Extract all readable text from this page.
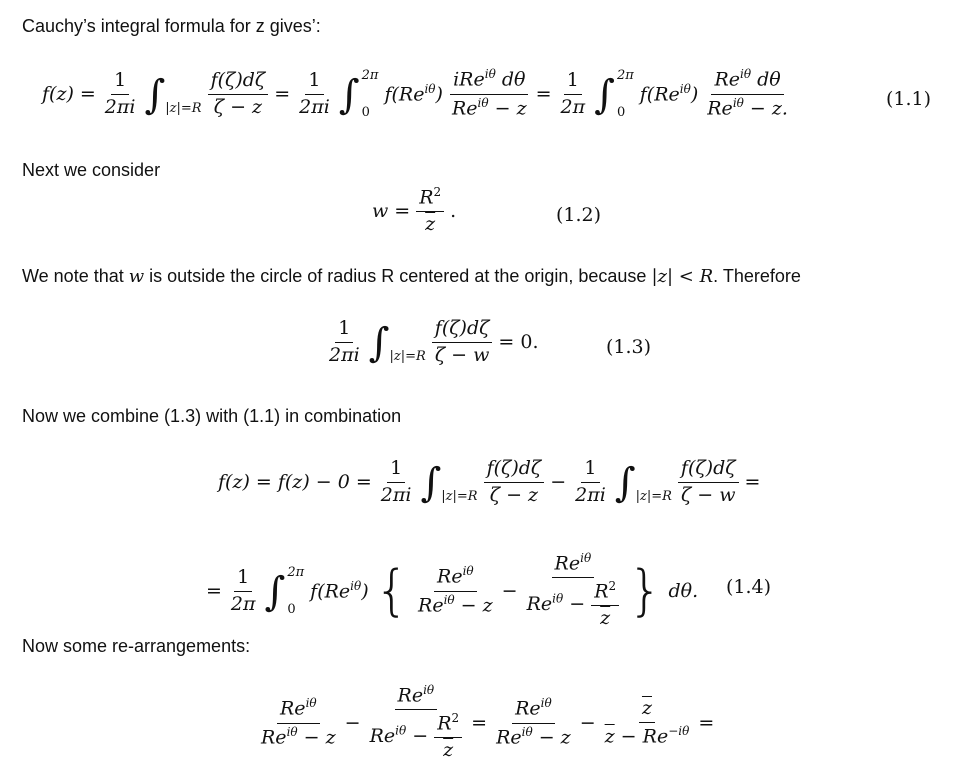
Cauchy’s integral formula for z gives’:
Next we consider
We note that w is outside the circle of radius R centered at the origin, because |z| < R. Therefore
Now we combine (1.3) with (1.1) in combination
Now some re-arrangements:
$f(z) = \frac{1}{2\pi i}$ ∫ $|z|=R \frac{f(\zeta)d\zeta}{\zeta - z} = \frac{1}{2\pi i}$ ∫ 2π
0
$f(Re^{i\theta}) \frac{iRe^{i\theta} d\theta}{Re^{i\theta} - z} = \frac{1}{2\pi}$ ∫ 2π
0
$f(Re^{i\theta}) \frac{Re^{i\theta} d\theta}{Re^{i\theta} - z.}$	(1.1)
$w = \frac{R^2}{z}$ .	(1.2)
$\frac{1}{2\pi i}$ ∫ $|z|=R \frac{f(\zeta)d\zeta}{\zeta - w} = 0$.	(1.3)
$f(z) = f(z) - 0 = \frac{1}{2\pi i}$ ∫ $|z|=R \frac{f(\zeta)d\zeta}{\zeta - z} - \frac{1}{2\pi i}$ ∫ $|z|=R \frac{f(\zeta)d\zeta}{\zeta - w}$ =
= $\frac{1}{2\pi}$ ∫ 2π
0
$f(Re^{i\theta})$ { $\frac{Re^{i\theta}}{Re^{i\theta} - z} - \frac{Re^{i\theta}}{Re^{i\theta} - \frac{R^2}{z}}$ } dθ. (1.4)
$\frac{Re^{i\theta}}{Re^{i\theta} - z} - \frac{Re^{i\theta}}{Re^{i\theta} - \frac{R^2}{z}} = \frac{Re^{i\theta}}{Re^{i\theta} - z} - \frac{\overline{z}}{\overline{z} - Re^{-i\theta}}$ =
